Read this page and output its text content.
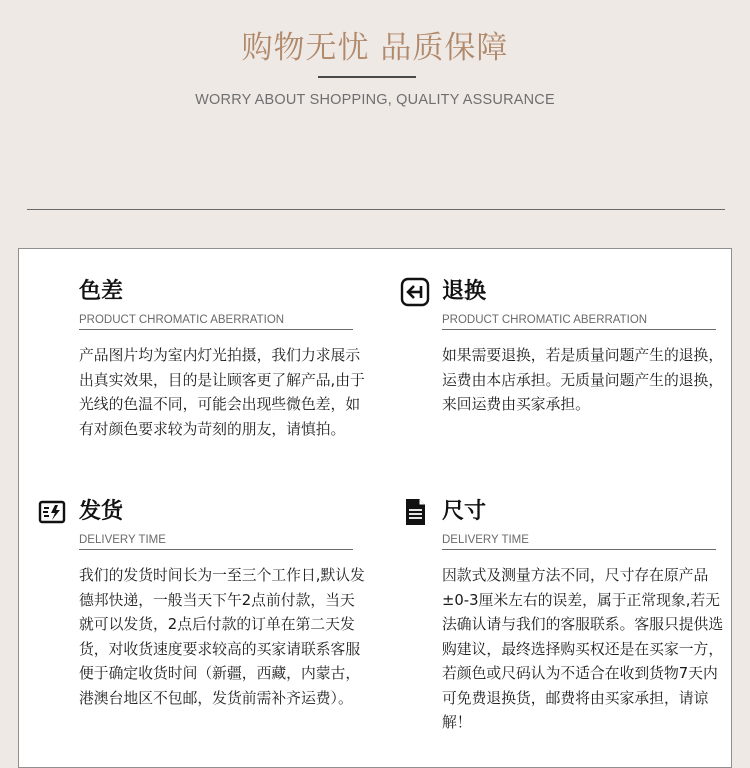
购物无忧 品质保障
WORRY ABOUT SHOPPING, QUALITY ASSURANCE
色差
PRODUCT CHROMATIC ABERRATION
产品图片均为室内灯光拍摄，我们力求展示出真实效果，目的是让顾客更了解产品,由于光线的色温不同，可能会出现些微色差，如有对颜色要求较为苛刻的朋友，请慎拍。
退换
PRODUCT CHROMATIC ABERRATION
如果需要退换，若是质量问题产生的退换，运费由本店承担。无质量问题产生的退换，来回运费由买家承担。
发货
DELIVERY TIME
我们的发货时间长为一至三个工作日,默认发德邦快递，一般当天下午2点前付款，当天就可以发货，2点后付款的订单在第二天发货，对收货速度要求较高的买家请联系客服便于确定收货时间（新疆，西藏，内蒙古，港澳台地区不包邮，发货前需补齐运费）。
尺寸
DELIVERY TIME
因款式及测量方法不同，尺寸存在原产品±0-3厘米左右的误差，属于正常现象,若无法确认请与我们的客服联系。客服只提供选购建议，最终选择购买权还是在买家一方，若颜色或尺码认为不适合在收到货物7天内可免费退换货，邮费将由买家承担，请谅解！
